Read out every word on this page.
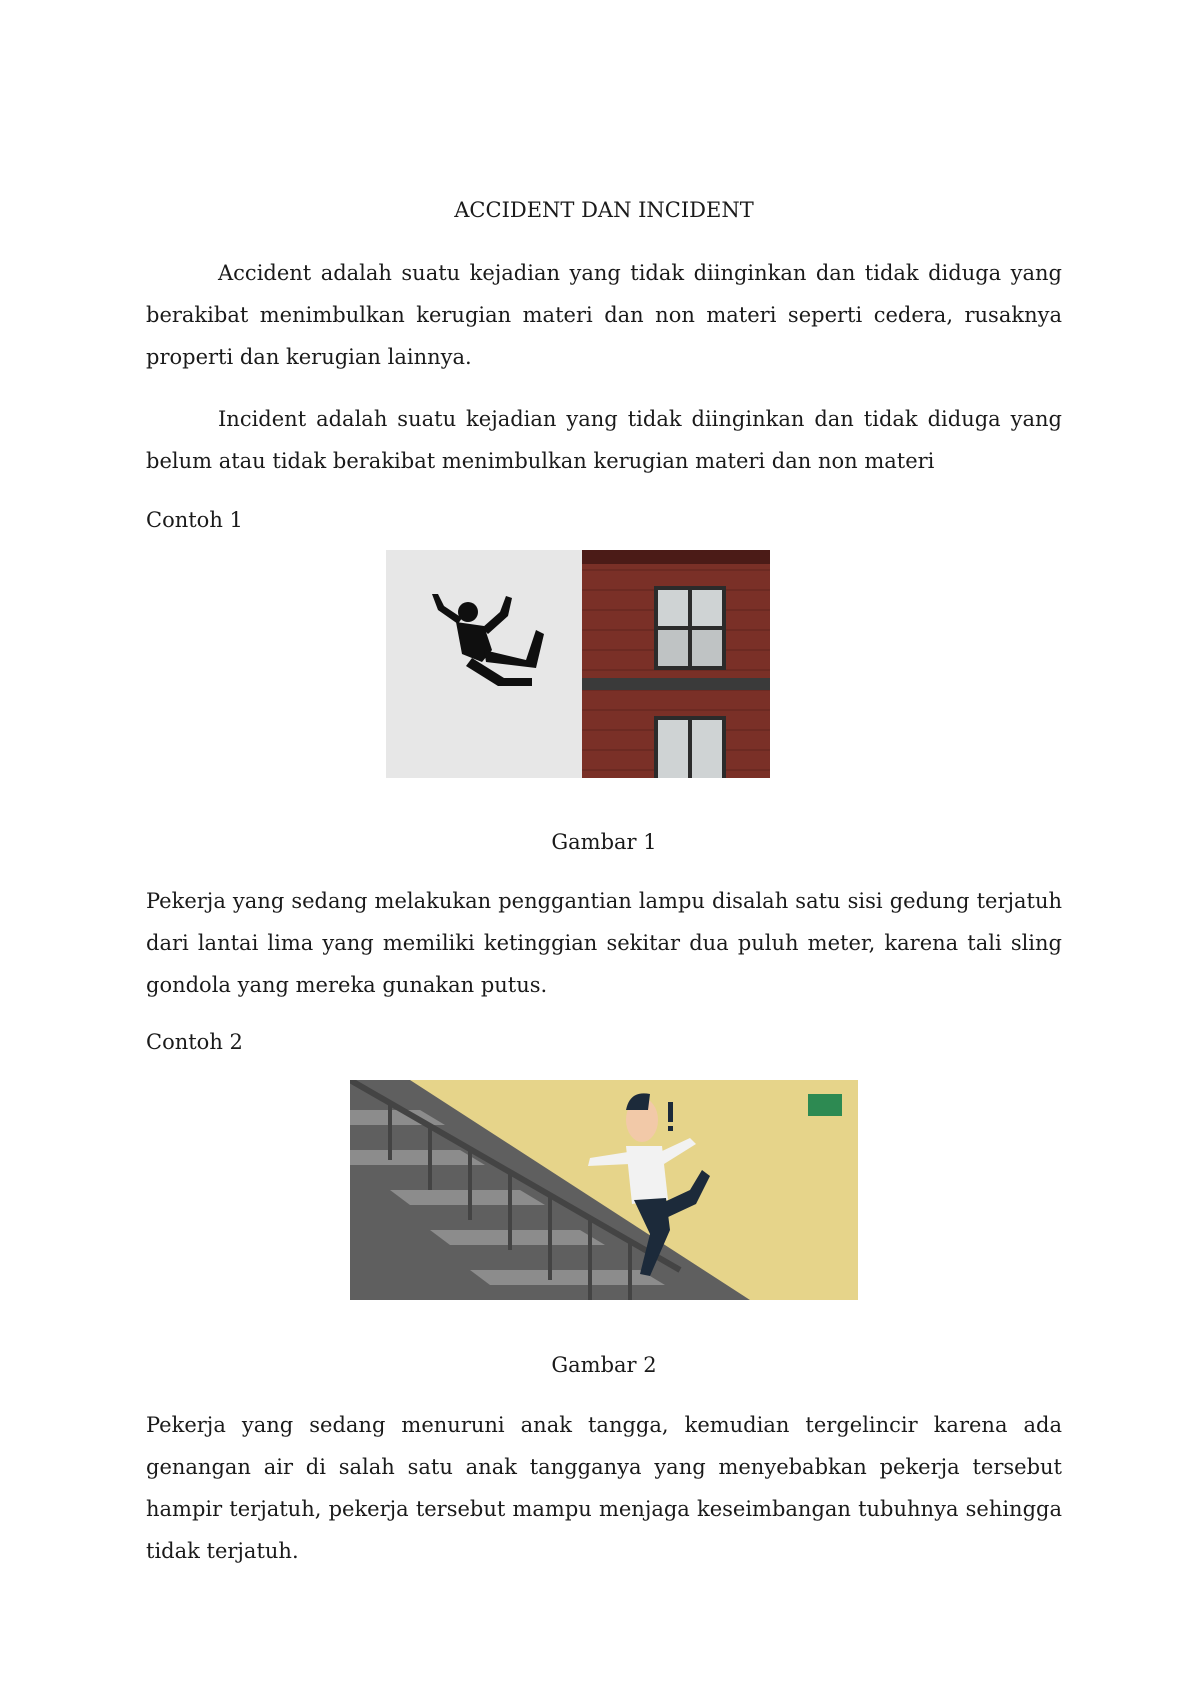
ACCIDENT DAN INCIDENT

Accident adalah suatu kejadian yang tidak diinginkan dan tidak diduga yang berakibat menimbulkan kerugian materi dan non materi seperti cedera, rusaknya properti dan kerugian lainnya.

Incident adalah suatu kejadian yang tidak diinginkan dan tidak diduga yang belum atau tidak berakibat menimbulkan kerugian materi dan non materi

Contoh 1
Gambar 1

Pekerja yang sedang melakukan penggantian lampu disalah satu sisi gedung terjatuh dari lantai lima yang memiliki ketinggian sekitar dua puluh meter, karena tali sling gondola yang mereka gunakan putus.

Contoh 2
Gambar 2

Pekerja yang sedang menuruni anak tangga, kemudian tergelincir karena ada genangan air di salah satu anak tangganya yang menyebabkan pekerja tersebut hampir terjatuh, pekerja tersebut mampu menjaga keseimbangan tubuhnya sehingga tidak terjatuh.
